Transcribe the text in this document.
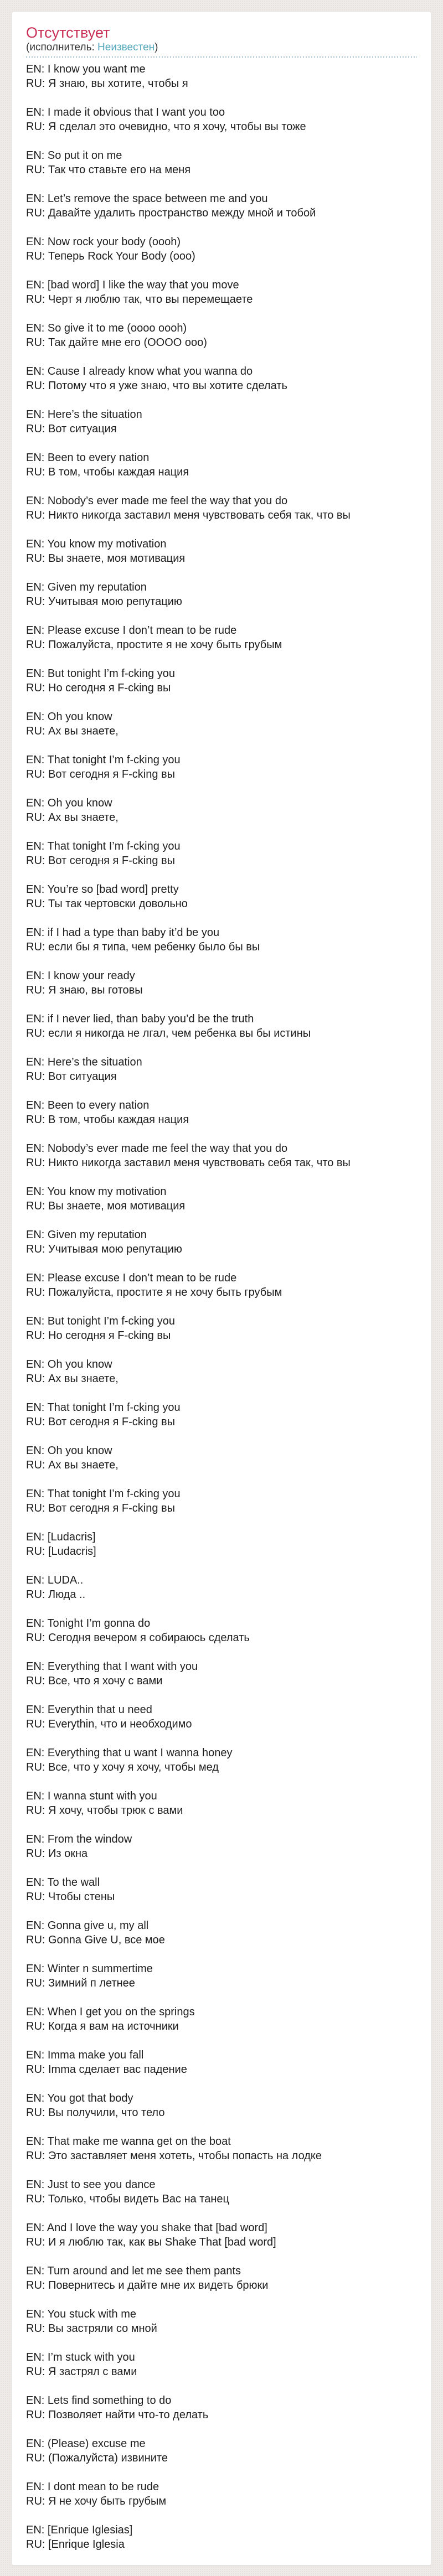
Отсутствует
(исполнитель: Неизвестен)
EN: I know you want me
RU: Я знаю, вы хотите, чтобы я
EN: I made it obvious that I want you too
RU: Я сделал это очевидно, что я хочу, чтобы вы тоже
EN: So put it on me
RU: Так что ставьте его на меня
EN: Let’s remove the space between me and you
RU: Давайте удалить пространство между мной и тобой
EN: Now rock your body (oooh)
RU: Теперь Rock Your Body (ooo)
EN: [bad word] I like the way that you move
RU: Черт я люблю так, что вы перемещаете
EN: So give it to me (oooo oooh)
RU: Так дайте мне его (ОООО ооо)
EN: Cause I already know what you wanna do
RU: Потому что я уже знаю, что вы хотите сделать
EN: Here’s the situation
RU: Вот ситуация
EN: Been to every nation
RU: В том, чтобы каждая нация
EN: Nobody’s ever made me feel the way that you do
RU: Никто никогда заставил меня чувствовать себя так, что вы
EN: You know my motivation
RU: Вы знаете, моя мотивация
EN: Given my reputation
RU: Учитывая мою репутацию
EN: Please excuse I don’t mean to be rude
RU: Пожалуйста, простите я не хочу быть грубым
EN: But tonight I’m f-cking you
RU: Но сегодня я F-cking вы
EN: Oh you know
RU: Ах вы знаете,
EN: That tonight I’m f-cking you
RU: Вот сегодня я F-cking вы
EN: Oh you know
RU: Ах вы знаете,
EN: That tonight I’m f-cking you
RU: Вот сегодня я F-cking вы
EN: You’re so [bad word] pretty
RU: Ты так чертовски довольно
EN: if I had a type than baby it’d be you
RU: если бы я типа, чем ребенку было бы вы
EN: I know your ready
RU: Я знаю, вы готовы
EN: if I never lied, than baby you’d be the truth
RU: если я никогда не лгал, чем ребенка вы бы истины
EN: Here’s the situation
RU: Вот ситуация
EN: Been to every nation
RU: В том, чтобы каждая нация
EN: Nobody’s ever made me feel the way that you do
RU: Никто никогда заставил меня чувствовать себя так, что вы
EN: You know my motivation
RU: Вы знаете, моя мотивация
EN: Given my reputation
RU: Учитывая мою репутацию
EN: Please excuse I don’t mean to be rude
RU: Пожалуйста, простите я не хочу быть грубым
EN: But tonight I’m f-cking you
RU: Но сегодня я F-cking вы
EN: Oh you know
RU: Ах вы знаете,
EN: That tonight I’m f-cking you
RU: Вот сегодня я F-cking вы
EN: Oh you know
RU: Ах вы знаете,
EN: That tonight I’m f-cking you
RU: Вот сегодня я F-cking вы
EN: [Ludacris]
RU: [Ludacris]
EN: LUDA..
RU: Люда ..
EN: Tonight I’m gonna do
RU: Сегодня вечером я собираюсь сделать
EN: Everything that I want with you
RU: Все, что я хочу с вами
EN: Everythin that u need
RU: Everythin, что и необходимо
EN: Everything that u want I wanna honey
RU: Все, что у хочу я хочу, чтобы мед
EN: I wanna stunt with you
RU: Я хочу, чтобы трюк с вами
EN: From the window
RU: Из окна
EN: To the wall
RU: Чтобы стены
EN: Gonna give u, my all
RU: Gonna Give U, все мое
EN: Winter n summertime
RU: Зимний п летнее
EN: When I get you on the springs
RU: Когда я вам на источники
EN: Imma make you fall
RU: Imma сделает вас падение
EN: You got that body
RU: Вы получили, что тело
EN: That make me wanna get on the boat
RU: Это заставляет меня хотеть, чтобы попасть на лодке
EN: Just to see you dance
RU: Только, чтобы видеть Вас на танец
EN: And I love the way you shake that [bad word]
RU: И я люблю так, как вы Shake That [bad word]
EN: Turn around and let me see them pants
RU: Повернитесь и дайте мне их видеть брюки
EN: You stuck with me
RU: Вы застряли со мной
EN: I’m stuck with you
RU: Я застрял с вами
EN: Lets find something to do
RU: Позволяет найти что-то делать
EN: (Please) excuse me
RU: (Пожалуйста) извините
EN: I dont mean to be rude
RU: Я не хочу быть грубым
EN: [Enrique Iglesias]
RU: [Enrique Iglesia
